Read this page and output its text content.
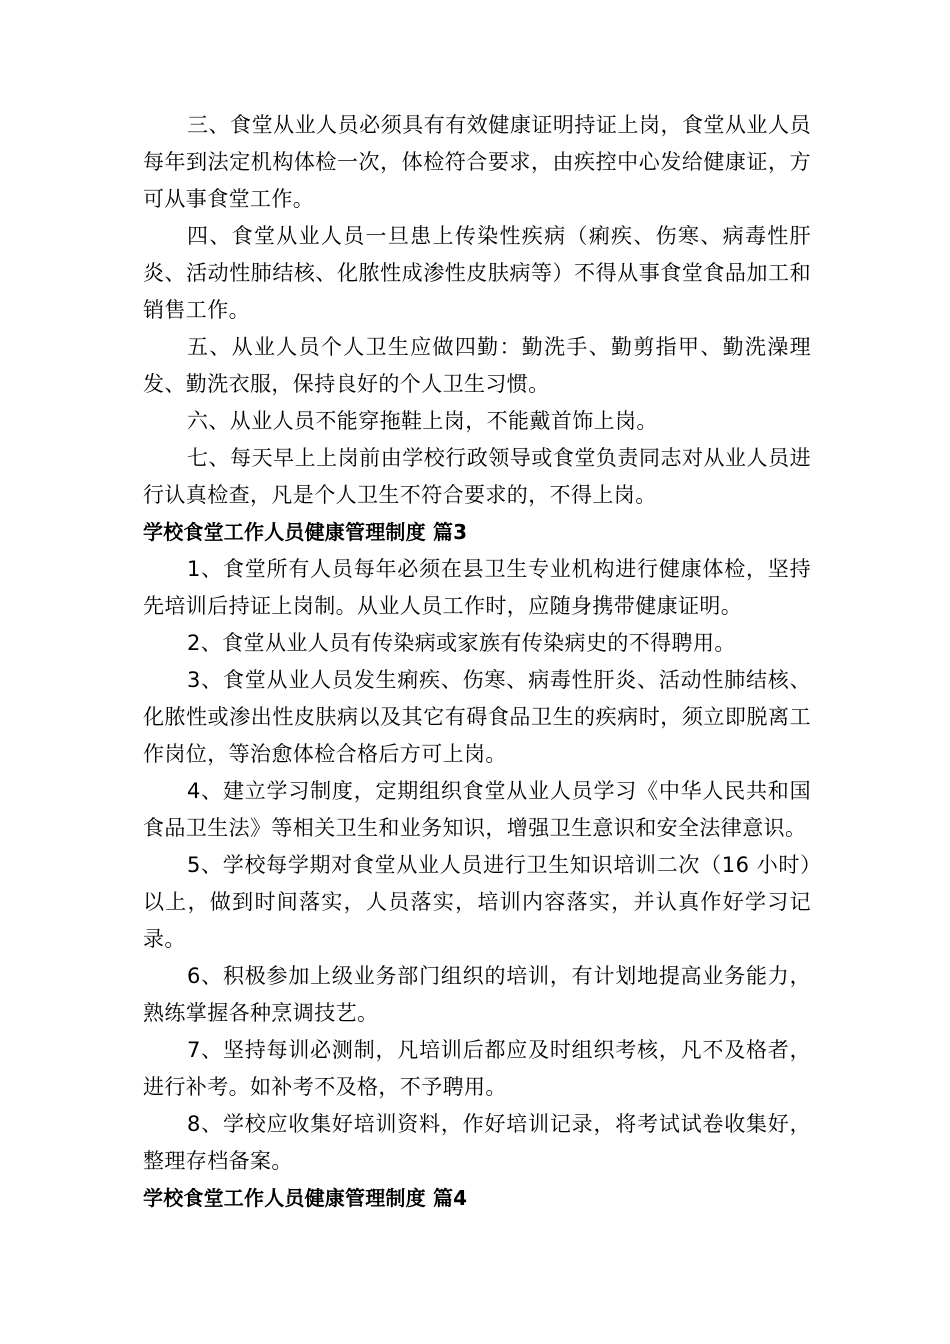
三、食堂从业人员必须具有有效健康证明持证上岗，食堂从业人员每年到法定机构体检一次，体检符合要求，由疾控中心发给健康证，方可从事食堂工作。

四、食堂从业人员一旦患上传染性疾病（痢疾、伤寒、病毒性肝炎、活动性肺结核、化脓性成渗性皮肤病等）不得从事食堂食品加工和销售工作。

五、从业人员个人卫生应做四勤：勤洗手、勤剪指甲、勤洗澡理发、勤洗衣服，保持良好的个人卫生习惯。

六、从业人员不能穿拖鞋上岗，不能戴首饰上岗。

七、每天早上上岗前由学校行政领导或食堂负责同志对从业人员进行认真检查，凡是个人卫生不符合要求的，不得上岗。

学校食堂工作人员健康管理制度 篇3

1、食堂所有人员每年必须在县卫生专业机构进行健康体检，坚持先培训后持证上岗制。从业人员工作时，应随身携带健康证明。

2、食堂从业人员有传染病或家族有传染病史的不得聘用。

3、食堂从业人员发生痢疾、伤寒、病毒性肝炎、活动性肺结核、化脓性或渗出性皮肤病以及其它有碍食品卫生的疾病时，须立即脱离工作岗位，等治愈体检合格后方可上岗。

4、建立学习制度，定期组织食堂从业人员学习《中华人民共和国食品卫生法》等相关卫生和业务知识，增强卫生意识和安全法律意识。

5、学校每学期对食堂从业人员进行卫生知识培训二次（16 小时）以上，做到时间落实，人员落实，培训内容落实，并认真作好学习记录。

6、积极参加上级业务部门组织的培训，有计划地提高业务能力，熟练掌握各种烹调技艺。

7、坚持每训必测制，凡培训后都应及时组织考核，凡不及格者，进行补考。如补考不及格，不予聘用。

8、学校应收集好培训资料，作好培训记录，将考试试卷收集好，整理存档备案。

学校食堂工作人员健康管理制度 篇4
